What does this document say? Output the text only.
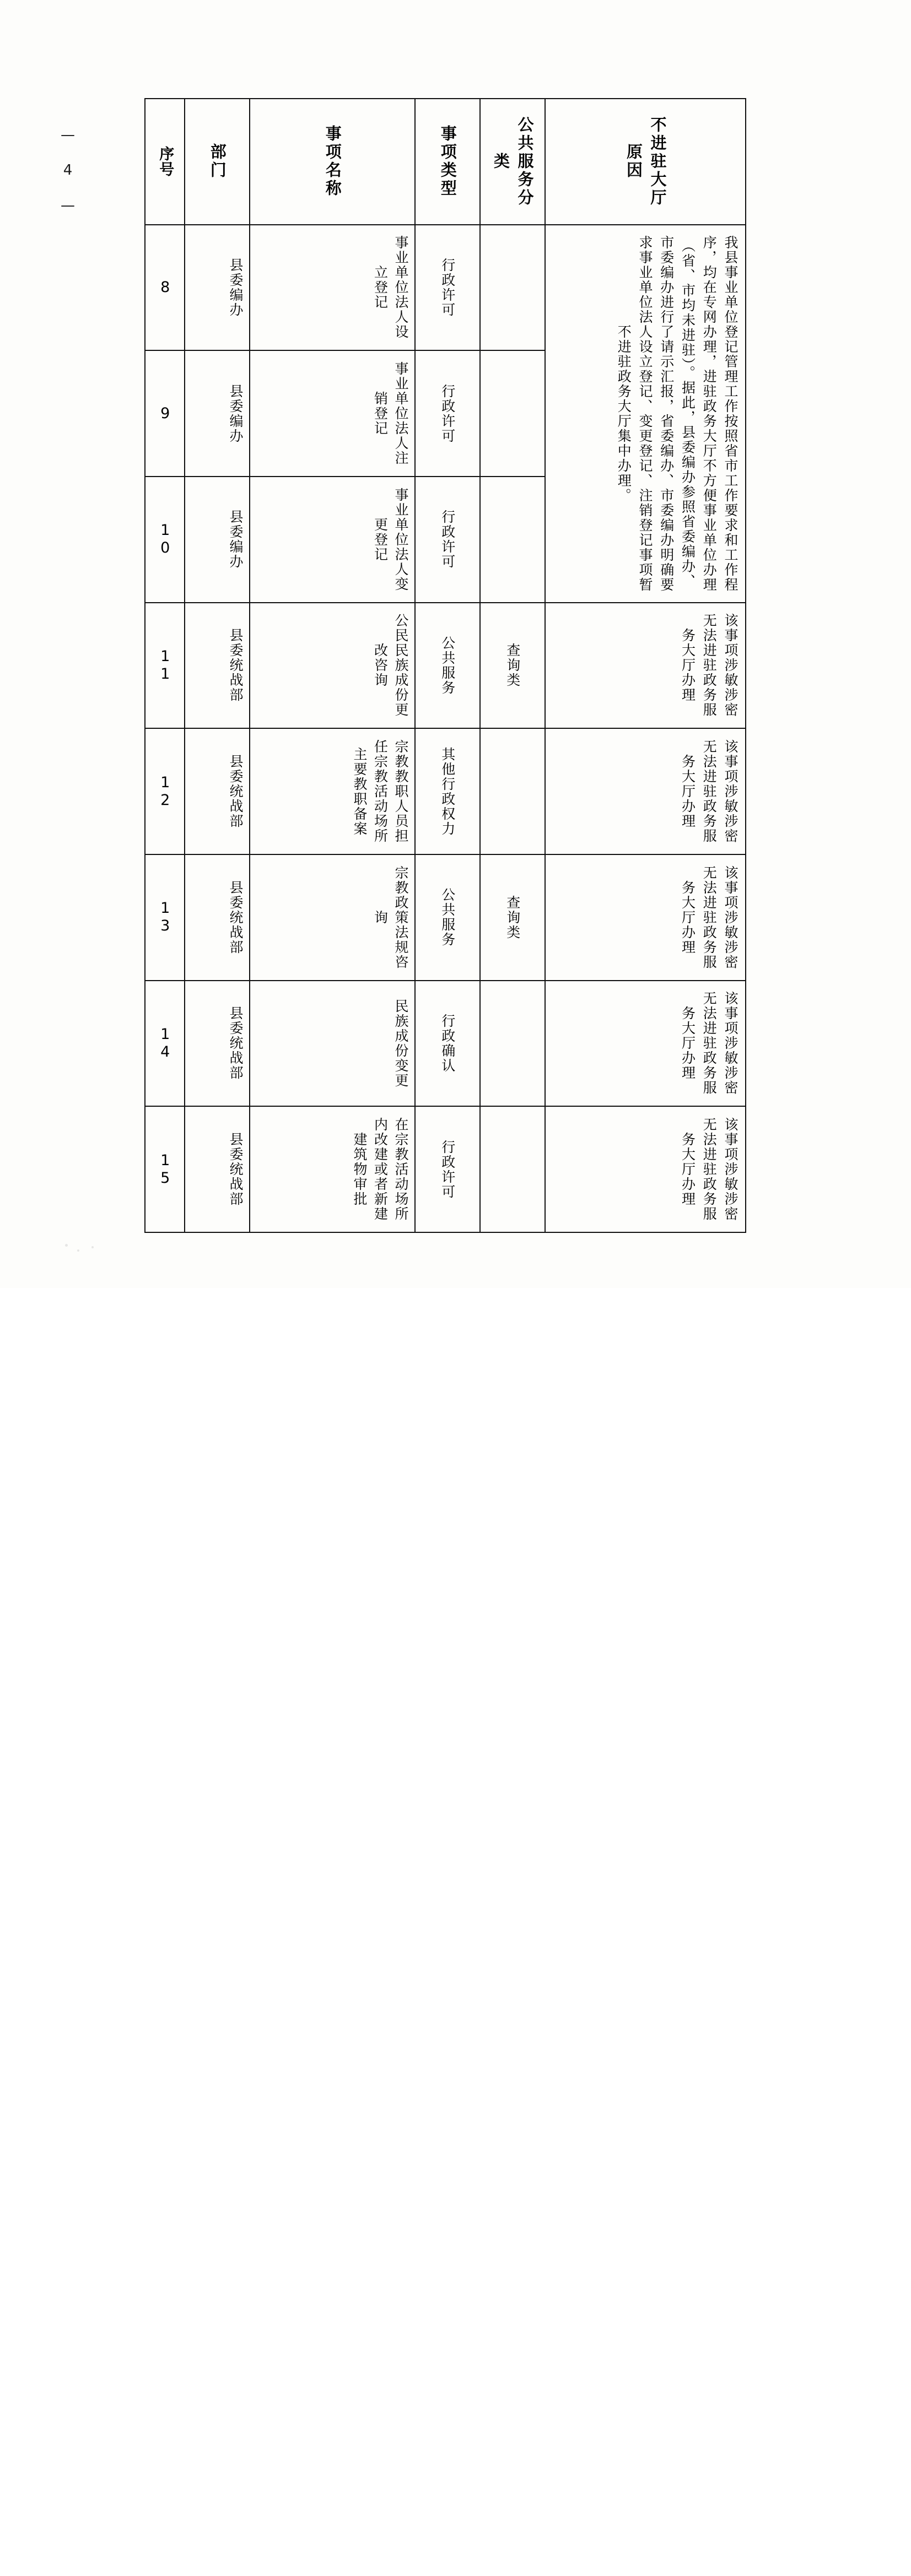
— 4 —	序号	部门	事项名称	事项类型	公共服务分类	不进驻大厅原因

8	县委编办	事业单位法人设立登记	行政许可		我县事业单位登记管理工作按照省市工作要求和工作程序，均在专网办理，进驻政务大厅不方便事业单位办理（省、市均未进驻）。据此，县委编办参照省委编办、市委编办进行了请示汇报，省委编办、市委编办明确要求事业单位法人设立登记、变更登记、注销登记事项暂不进驻政务大厅集中办理。

9	县委编办	事业单位法人注销登记	行政许可		

10	县委编办	事业单位法人变更登记	行政许可		

11	县委统战部	公民民族成份更改咨询	公共服务	查询类	该事项涉敏涉密无法进驻政务服务大厅办理

12	县委统战部	宗教教职人员担任宗教活动场所主要教职备案	其他行政权力		该事项涉敏涉密无法进驻政务服务大厅办理

13	县委统战部	宗教政策法规咨询	公共服务	查询类	该事项涉敏涉密无法进驻政务服务大厅办理

14	县委统战部	民族成份变更	行政确认		该事项涉敏涉密无法进驻政务服务大厅办理

15	县委统战部	在宗教活动场所内改建或者新建建筑物审批	行政许可		该事项涉敏涉密无法进驻政务服务大厅办理
